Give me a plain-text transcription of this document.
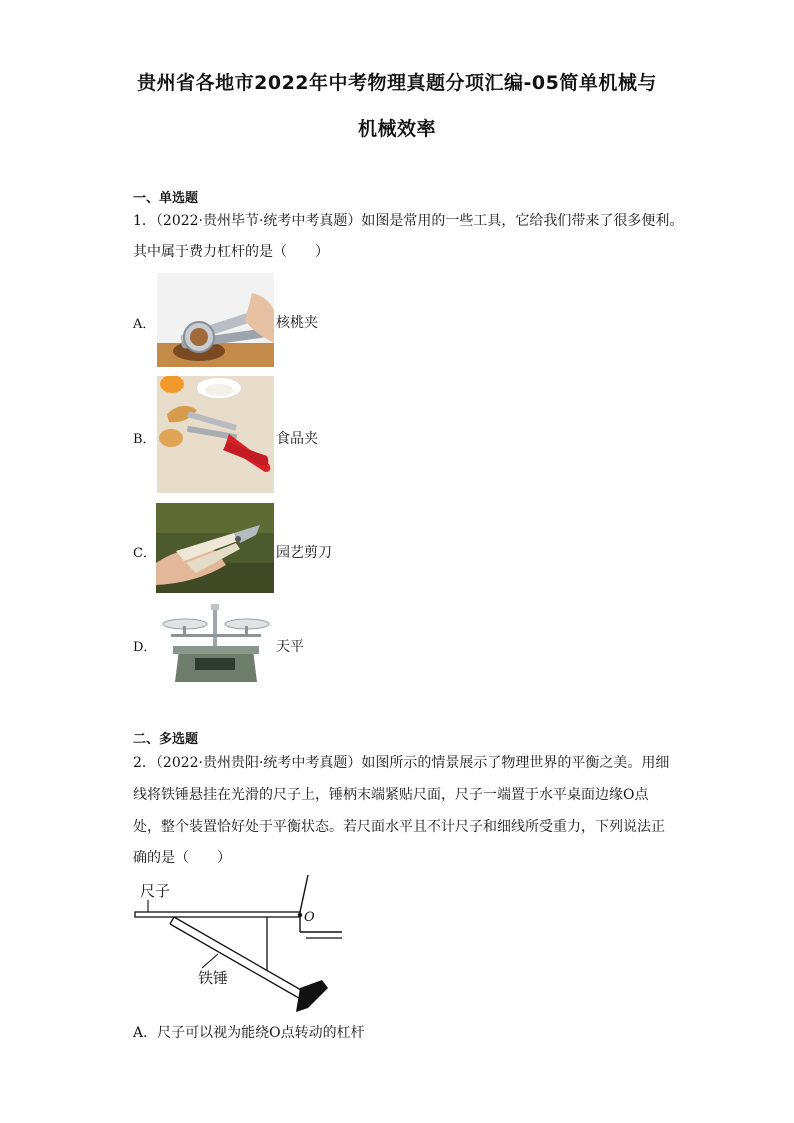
贵州省各地市2022年中考物理真题分项汇编-05简单机械与
机械效率
一、单选题
1．（2022·贵州毕节·统考中考真题）如图是常用的一些工具，它给我们带来了很多便利。
其中属于费力杠杆的是（　　）
A．	核桃夹
B．	食品夹
C．	园艺剪刀
D．	天平
二、多选题
2．（2022·贵州贵阳·统考中考真题）如图所示的情景展示了物理世界的平衡之美。用细
线将铁锤悬挂在光滑的尺子上，锤柄末端紧贴尺面，尺子一端置于水平桌面边缘O点
处，整个装置恰好处于平衡状态。若尺面水平且不计尺子和细线所受重力，下列说法正
确的是（　　）
尺子
铁锤
O
A．尺子可以视为能绕O点转动的杠杆
